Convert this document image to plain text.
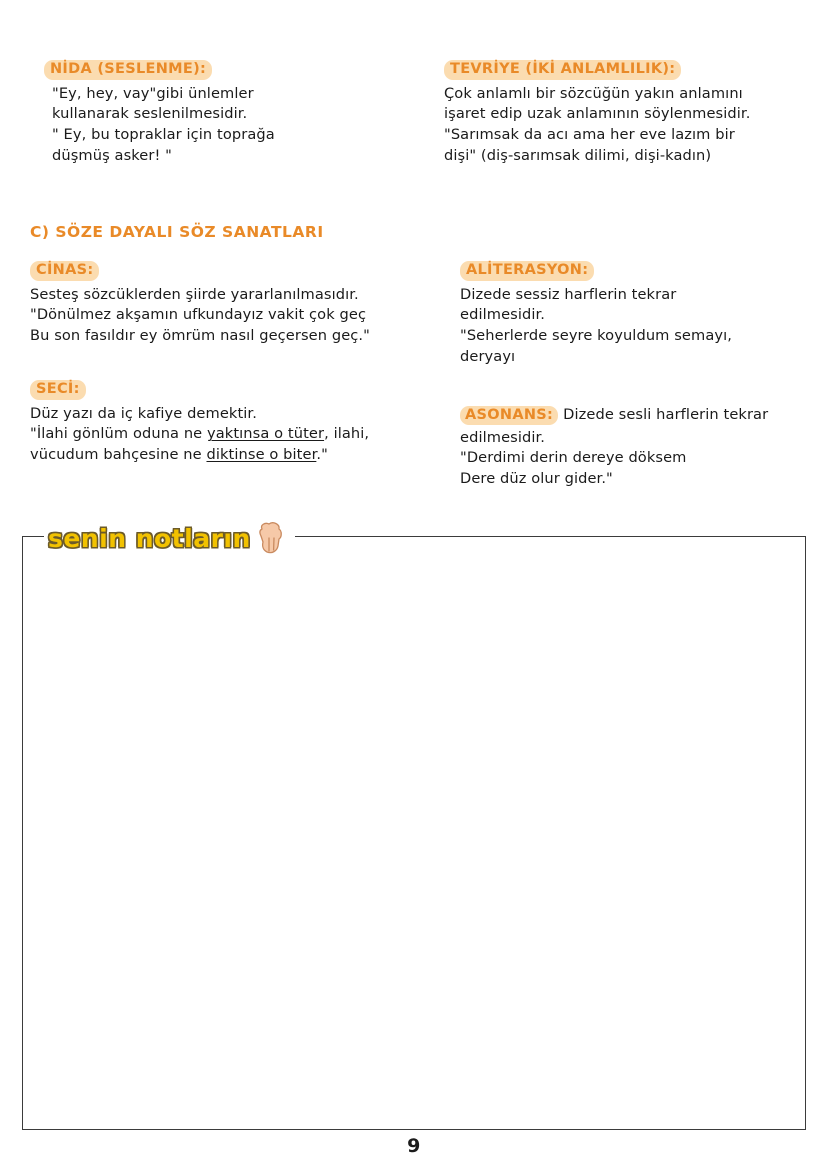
NİDA (SESLENME):
"Ey, hey, vay"gibi ünlemler
kullanarak seslenilmesidir.
" Ey, bu topraklar için toprağa
düşmüş asker! "
TEVRİYE (İKİ ANLAMLILIK):
Çok anlamlı bir sözcüğün yakın anlamını
işaret edip uzak anlamının söylenmesidir.
"Sarımsak da acı ama her eve lazım bir
dişi" (diş-sarımsak dilimi, dişi-kadın)
C) SÖZE DAYALI SÖZ SANATLARI
CİNAS:
Sesteş sözcüklerden şiirde yararlanılmasıdır.
"Dönülmez akşamın ufkundayız vakit çok geç
Bu son fasıldır ey ömrüm nasıl geçersen geç."
SECİ:
Düz yazı da iç kafiye demektir.
"İlahi gönlüm oduna ne yaktınsa o tüter, ilahi,
vücudum bahçesine ne diktinse o biter."
ALİTERASYON:
Dizede sessiz harflerin tekrar
edilmesidir.
"Seherlerde seyre koyuldum semayı,
deryayı
ASONANS: Dizede sesli harflerin tekrar
edilmesidir.
"Derdimi derin dereye döksem
Dere düz olur gider."
senin notların
9
